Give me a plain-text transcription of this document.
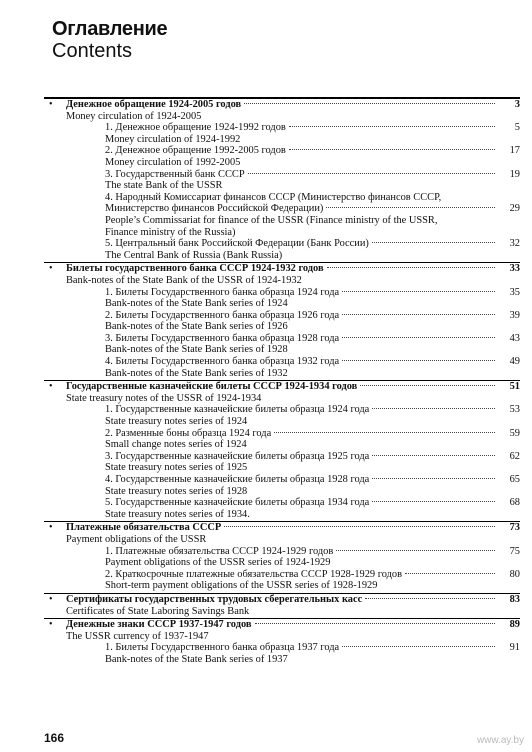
Оглавление
Contents
•	Денежное обращение 1924-2005 годов	3
Money circulation of 1924-2005
1. Денежное обращение 1924-1992 годов	5
Money circulation of 1924-1992
2. Денежное обращение 1992-2005 годов	17
Money circulation of 1992-2005
3. Государственный банк СССР	19
The state Bank of the USSR
4. Народный Комиссариат финансов СССР (Министерство финансов СССР,
Министерство финансов Российской Федерации)	29
People’s Commissariat for finance of the USSR (Finance ministry of the USSR,
Finance ministry of the Russia)
5. Центральный банк Российской Федерации (Банк России)	32
The Central Bank of Russia (Bank Russia)
•	Билеты государственного банка СССР 1924-1932 годов	33
Bank-notes of the State Bank of the USSR of 1924-1932
1. Билеты Государственного банка образца 1924 года	35
Bank-notes of the State Bank series of 1924
2. Билеты Государственного банка образца 1926 года	39
Bank-notes of the State Bank series of 1926
3. Билеты Государственного банка образца 1928 года	43
Bank-notes of the State Bank series of 1928
4. Билеты Государственного банка образца 1932 года	49
Bank-notes of the State Bank series of 1932
•	Государственные казначейские билеты СССР 1924-1934 годов	51
State treasury notes of the USSR of 1924-1934
1. Государственные казначейские билеты образца 1924 года	53
State treasury notes series of 1924
2. Разменные боны образца 1924 года	59
Small change notes series of 1924
3. Государственные казначейские билеты образца 1925 года	62
State treasury notes series of 1925
4. Государственные казначейские билеты образца 1928 года	65
State treasury notes series of 1928
5. Государственные казначейские билеты образца 1934 года	68
State treasury notes series of 1934.
•	Платежные обязательства СССР	73
Payment obligations of the USSR
1. Платежные обязательства СССР 1924-1929 годов	75
Payment obligations of the USSR series of 1924-1929
2. Краткосрочные платежные обязательства СССР 1928-1929 годов	80
Short-term payment obligations of the USSR series of 1928-1929
•	Сертификаты государственных трудовых сберегательных касс	83
Certificates of State Laboring Savings Bank
•	Денежные знаки СССР 1937-1947 годов	89
The USSR currency of 1937-1947
1. Билеты Государственного банка образца 1937 года	91
Bank-notes of the State Bank series of 1937
166	www.ay.by
